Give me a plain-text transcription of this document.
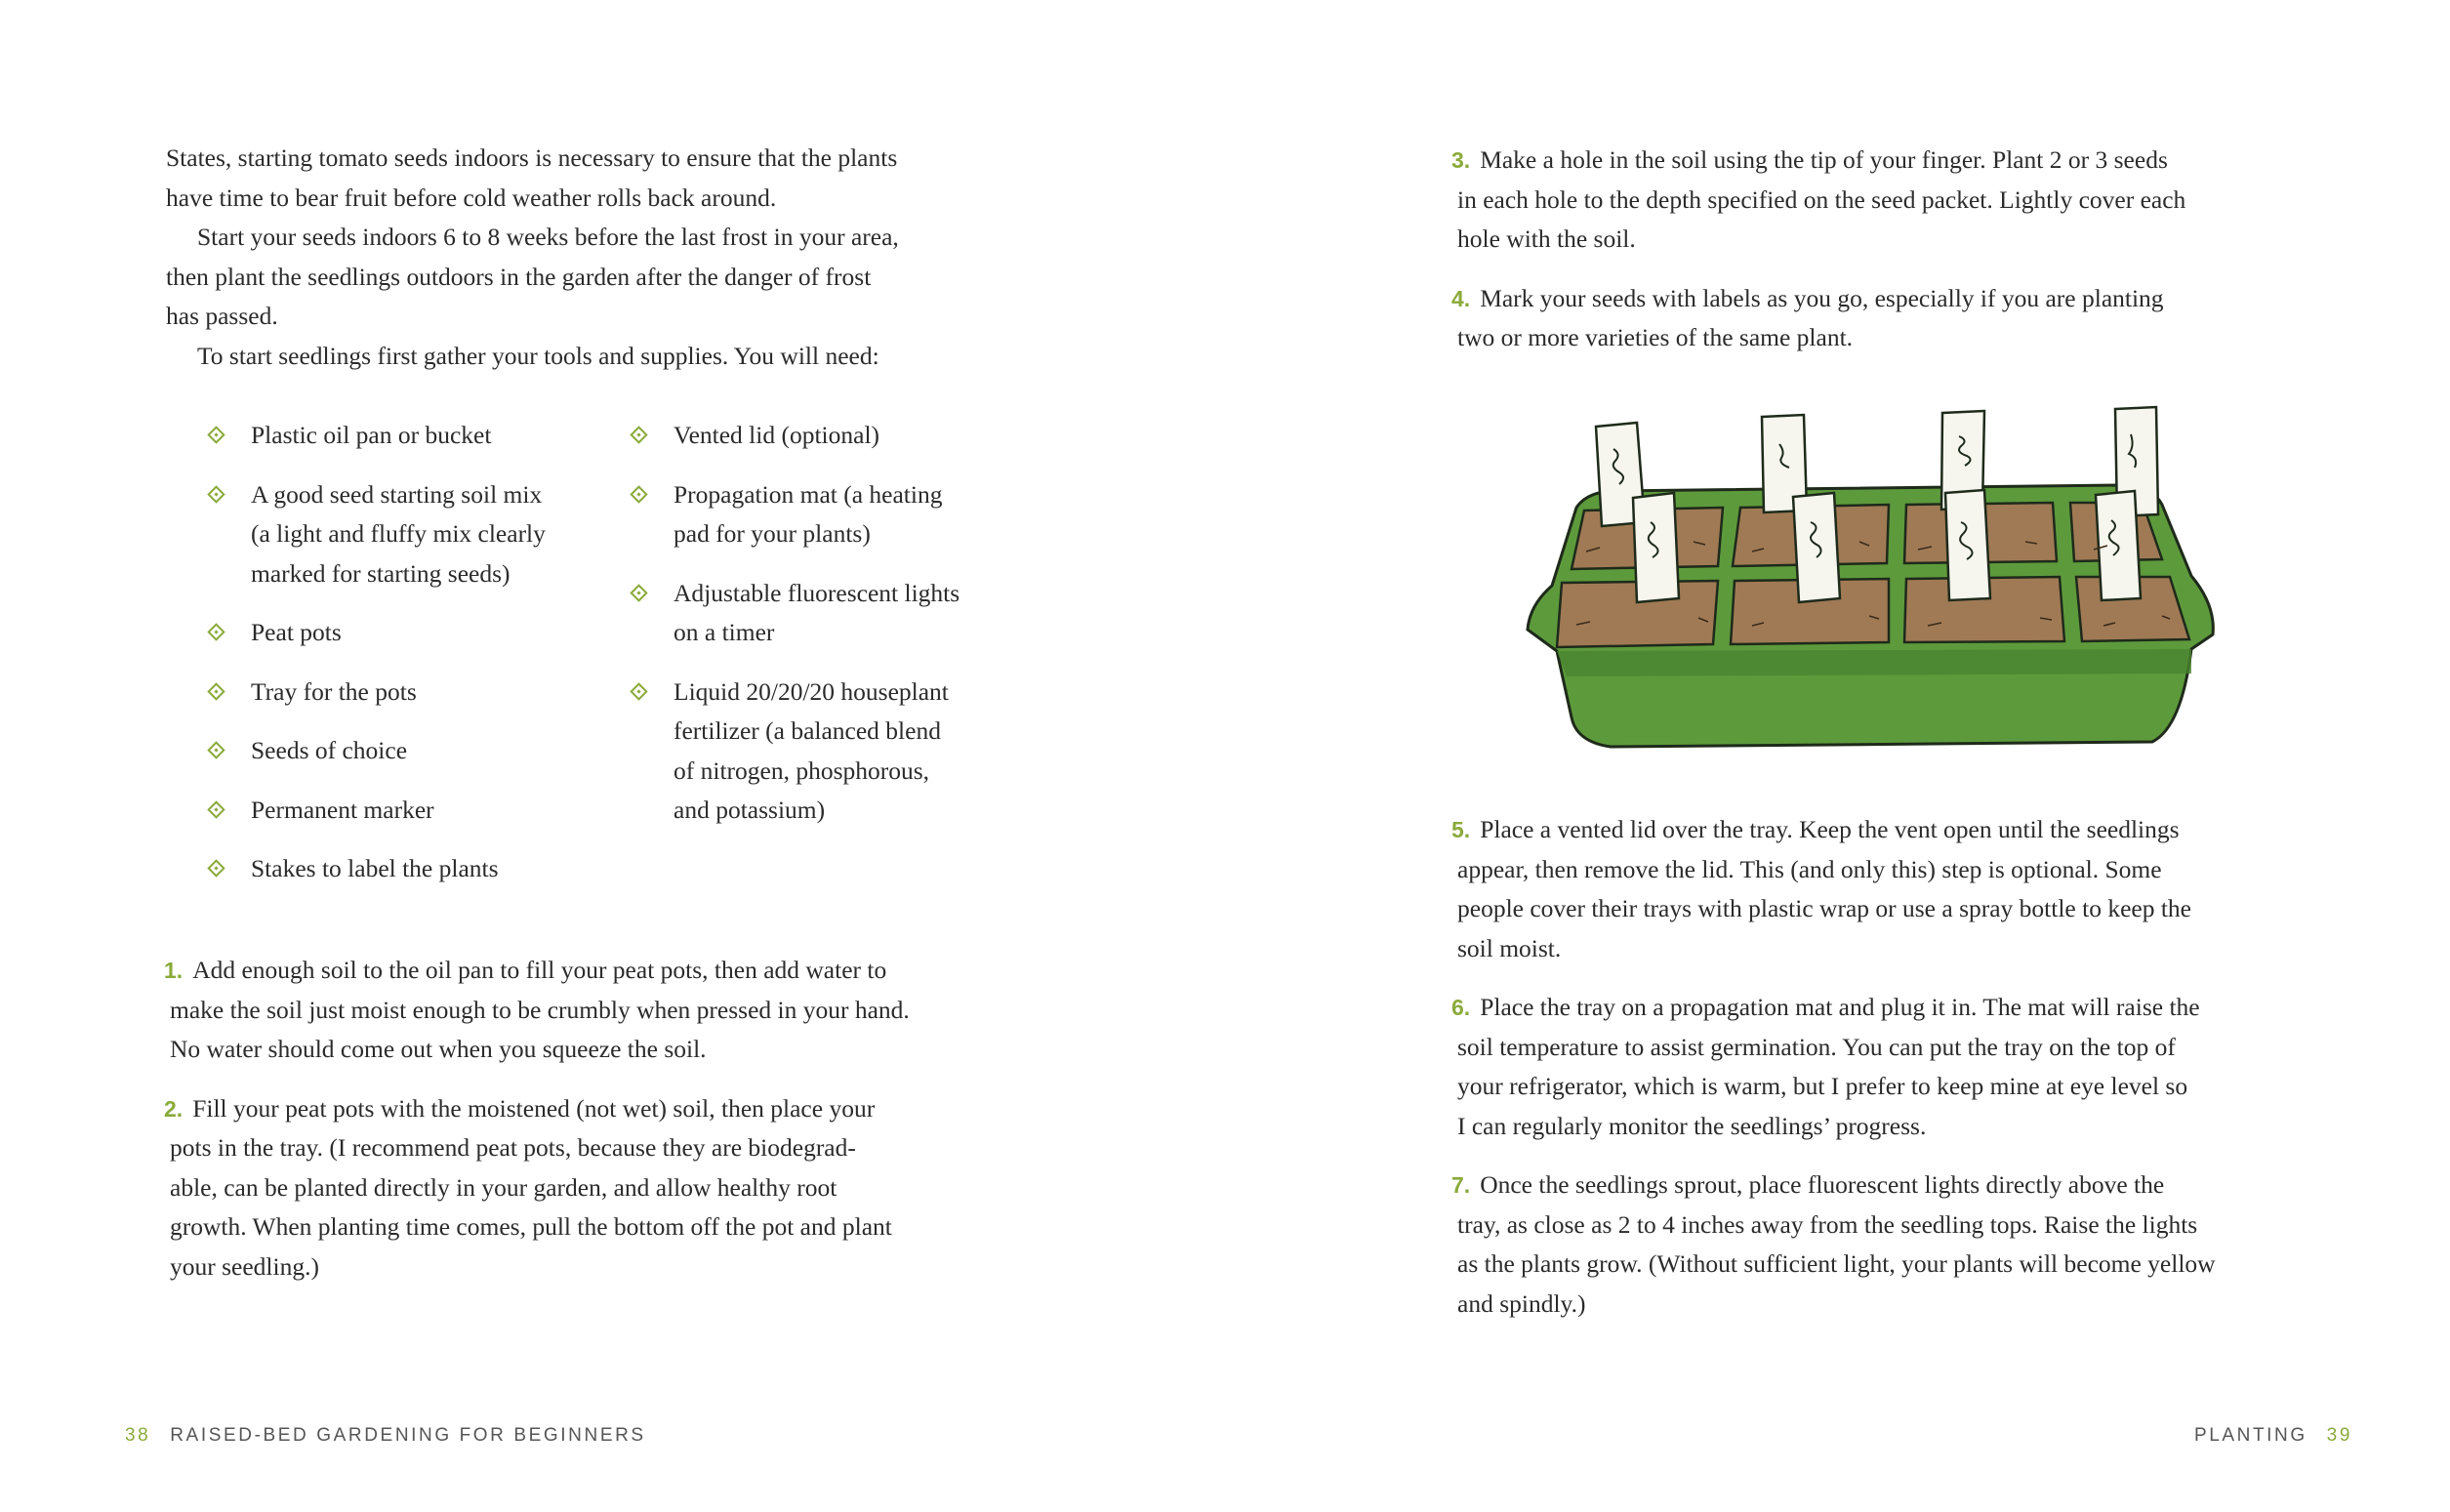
States, starting tomato seeds indoors is necessary to ensure that the plants

have time to bear fruit before cold weather rolls back around.

Start your seeds indoors 6 to 8 weeks before the last frost in your area,

then plant the seedlings outdoors in the garden after the danger of frost

has passed.

To start seedlings first gather your tools and supplies. You will need:

Plastic oil pan or bucket
A good seed starting soil mix
(a light and fluffy mix clearly
marked for starting seeds)
Peat pots
Tray for the pots
Seeds of choice
Permanent marker
Stakes to label the plants
Vented lid (optional)
Propagation mat (a heating
pad for your plants)
Adjustable fluorescent lights
on a timer
Liquid 20/20/20 houseplant
fertilizer (a balanced blend
of nitrogen, phosphorous,
and potassium)
1. Add enough soil to the oil pan to fill your peat pots, then add water to
make the soil just moist enough to be crumbly when pressed in your hand.
No water should come out when you squeeze the soil.
2. Fill your peat pots with the moistened (not wet) soil, then place your
pots in the tray. (I recommend peat pots, because they are biodegrad-
able, can be planted directly in your garden, and allow healthy root
growth. When planting time comes, pull the bottom off the pot and plant
your seedling.)
38 RAISED-BED GARDENING FOR BEGINNERS
3. Make a hole in the soil using the tip of your finger. Plant 2 or 3 seeds
in each hole to the depth specified on the seed packet. Lightly cover each
hole with the soil.
4. Mark your seeds with labels as you go, especially if you are planting
two or more varieties of the same plant.
5. Place a vented lid over the tray. Keep the vent open until the seedlings
appear, then remove the lid. This (and only this) step is optional. Some
people cover their trays with plastic wrap or use a spray bottle to keep the
soil moist.
6. Place the tray on a propagation mat and plug it in. The mat will raise the
soil temperature to assist germination. You can put the tray on the top of
your refrigerator, which is warm, but I prefer to keep mine at eye level so
I can regularly monitor the seedlings’ progress.
7. Once the seedlings sprout, place fluorescent lights directly above the
tray, as close as 2 to 4 inches away from the seedling tops. Raise the lights
as the plants grow. (Without sufficient light, your plants will become yellow
and spindly.)
PLANTING 39
